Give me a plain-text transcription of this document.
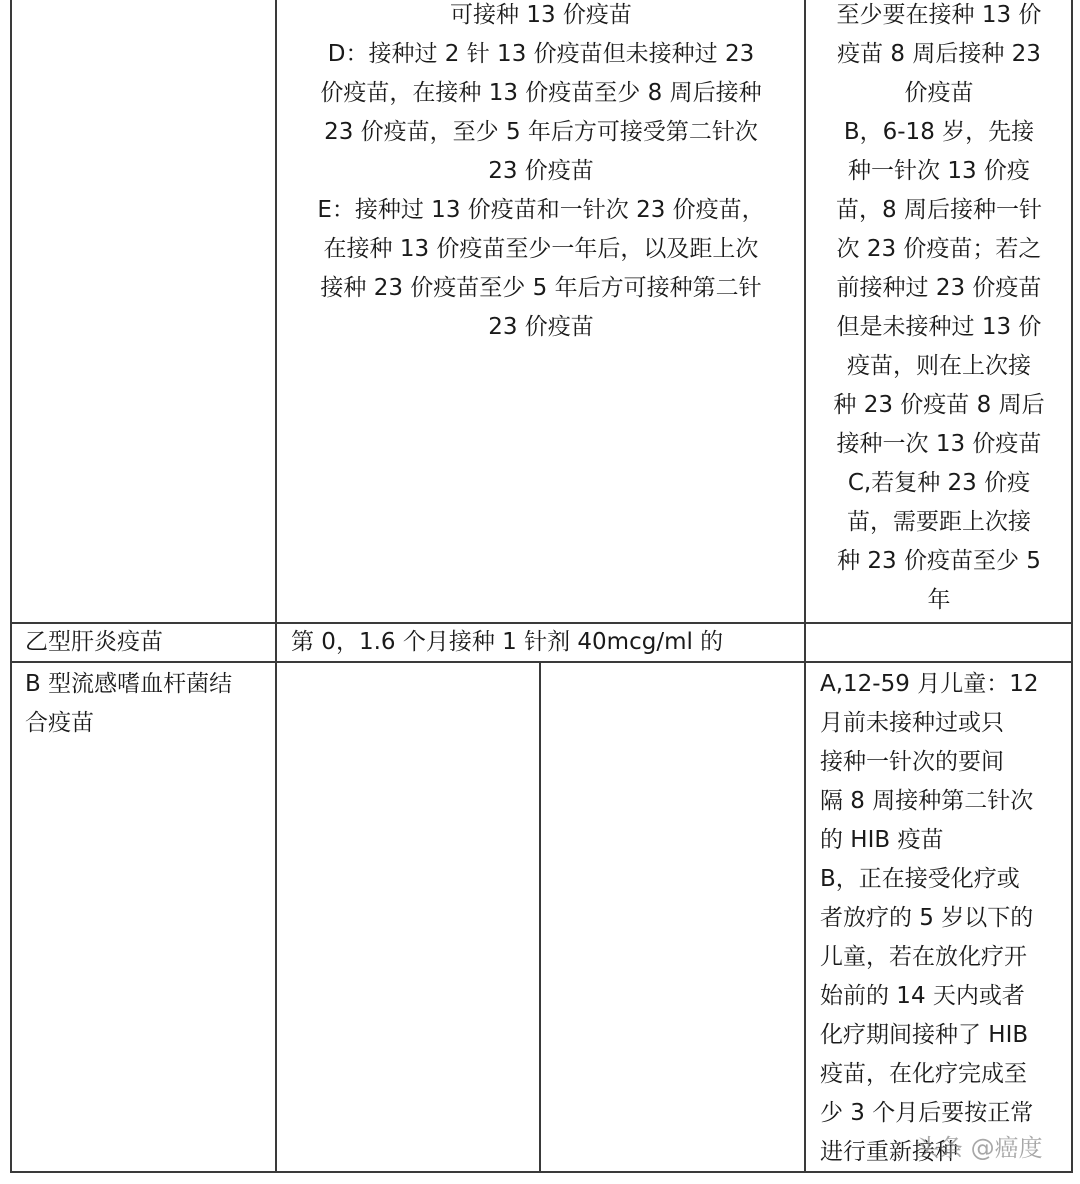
可接种 13 价疫苗
D：接种过 2 针 13 价疫苗但未接种过 23
价疫苗，在接种 13 价疫苗至少 8 周后接种
23 价疫苗，至少 5 年后方可接受第二针次
23 价疫苗
E：接种过 13 价疫苗和一针次 23 价疫苗，
在接种 13 价疫苗至少一年后，以及距上次
接种 23 价疫苗至少 5 年后方可接种第二针
23 价疫苗
至少要在接种 13 价
疫苗 8 周后接种 23
价疫苗
B，6-18 岁，先接
种一针次 13 价疫
苗，8 周后接种一针
次 23 价疫苗；若之
前接种过 23 价疫苗
但是未接种过 13 价
疫苗，则在上次接
种 23 价疫苗 8 周后
接种一次 13 价疫苗
C,若复种 23 价疫
苗，需要距上次接
种 23 价疫苗至少 5
年
乙型肝炎疫苗	第 0，1.6 个月接种 1 针剂 40mcg/ml 的
B 型流感嗜血杆菌结
合疫苗
A,12-59 月儿童：12
月前未接种过或只
接种一针次的要间
隔 8 周接种第二针次
的 HIB 疫苗
B，正在接受化疗或
者放疗的 5 岁以下的
儿童，若在放化疗开
始前的 14 天内或者
化疗期间接种了 HIB
疫苗，在化疗完成至
少 3 个月后要按正常
进行重新接种
头条 @癌度
